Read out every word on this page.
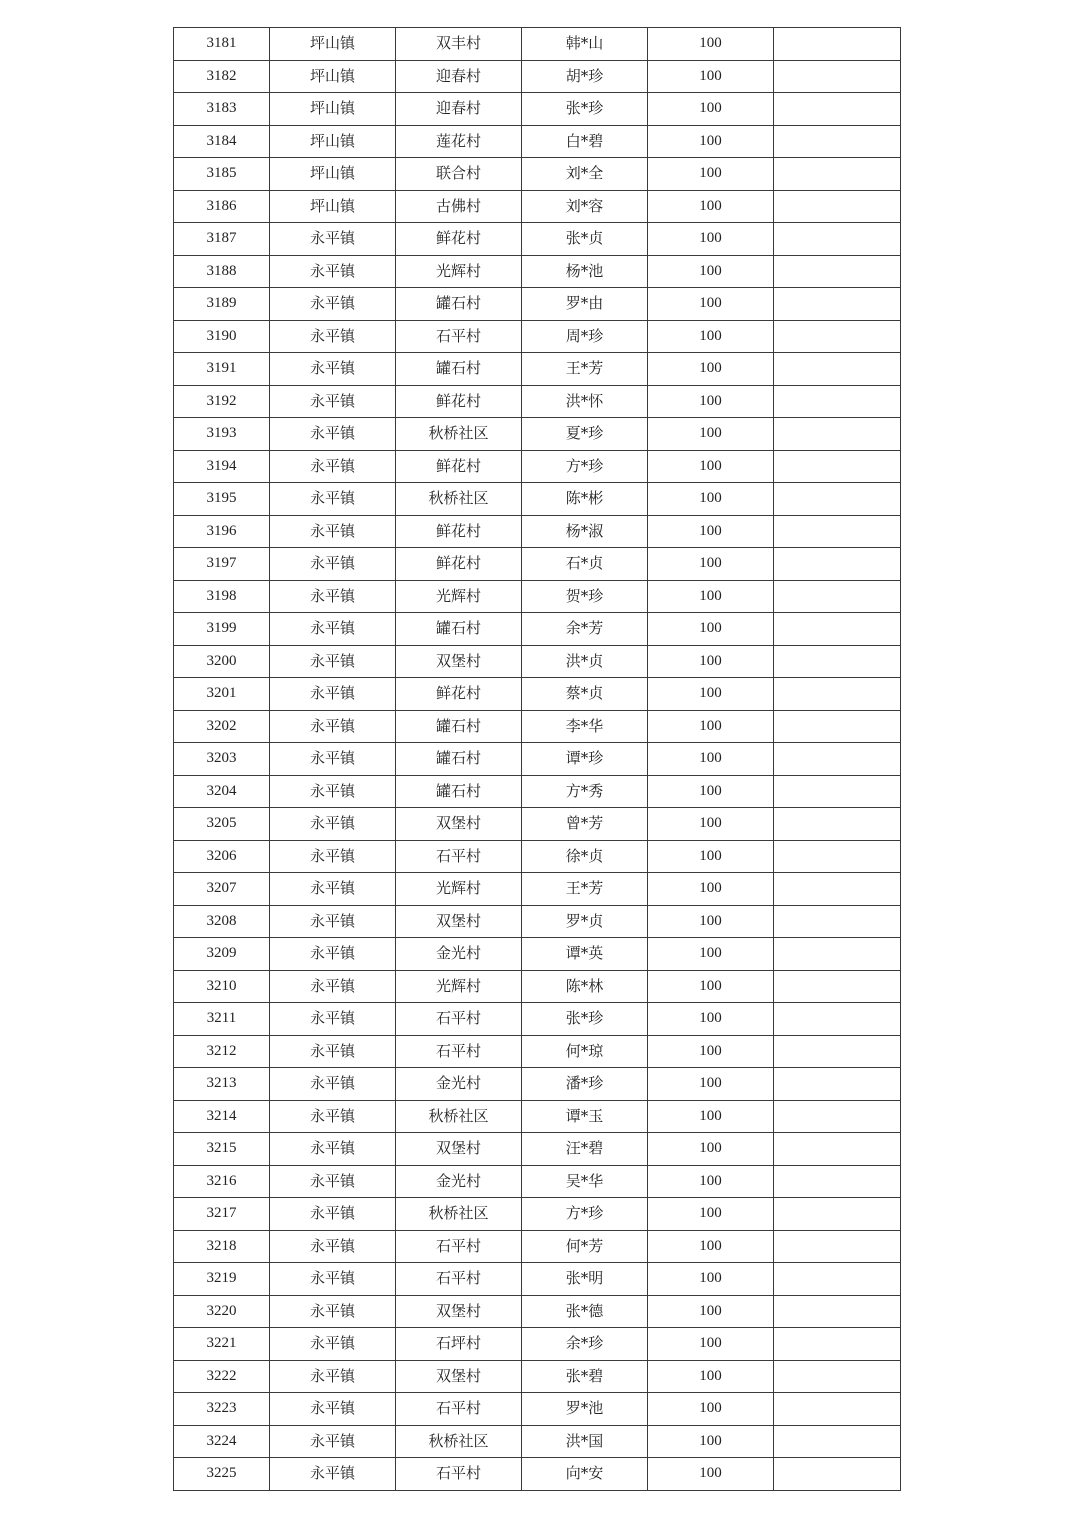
3181	坪山镇	双丰村	韩*山	100	
3182	坪山镇	迎春村	胡*珍	100	
3183	坪山镇	迎春村	张*珍	100	
3184	坪山镇	莲花村	白*碧	100	
3185	坪山镇	联合村	刘*全	100	
3186	坪山镇	古佛村	刘*容	100	
3187	永平镇	鲜花村	张*贞	100	
3188	永平镇	光辉村	杨*池	100	
3189	永平镇	罐石村	罗*由	100	
3190	永平镇	石平村	周*珍	100	
3191	永平镇	罐石村	王*芳	100	
3192	永平镇	鲜花村	洪*怀	100	
3193	永平镇	秋桥社区	夏*珍	100	
3194	永平镇	鲜花村	方*珍	100	
3195	永平镇	秋桥社区	陈*彬	100	
3196	永平镇	鲜花村	杨*淑	100	
3197	永平镇	鲜花村	石*贞	100	
3198	永平镇	光辉村	贺*珍	100	
3199	永平镇	罐石村	余*芳	100	
3200	永平镇	双堡村	洪*贞	100	
3201	永平镇	鲜花村	蔡*贞	100	
3202	永平镇	罐石村	李*华	100	
3203	永平镇	罐石村	谭*珍	100	
3204	永平镇	罐石村	方*秀	100	
3205	永平镇	双堡村	曾*芳	100	
3206	永平镇	石平村	徐*贞	100	
3207	永平镇	光辉村	王*芳	100	
3208	永平镇	双堡村	罗*贞	100	
3209	永平镇	金光村	谭*英	100	
3210	永平镇	光辉村	陈*林	100	
3211	永平镇	石平村	张*珍	100	
3212	永平镇	石平村	何*琼	100	
3213	永平镇	金光村	潘*珍	100	
3214	永平镇	秋桥社区	谭*玉	100	
3215	永平镇	双堡村	汪*碧	100	
3216	永平镇	金光村	吴*华	100	
3217	永平镇	秋桥社区	方*珍	100	
3218	永平镇	石平村	何*芳	100	
3219	永平镇	石平村	张*明	100	
3220	永平镇	双堡村	张*德	100	
3221	永平镇	石坪村	余*珍	100	
3222	永平镇	双堡村	张*碧	100	
3223	永平镇	石平村	罗*池	100	
3224	永平镇	秋桥社区	洪*国	100	
3225	永平镇	石平村	向*安	100	
